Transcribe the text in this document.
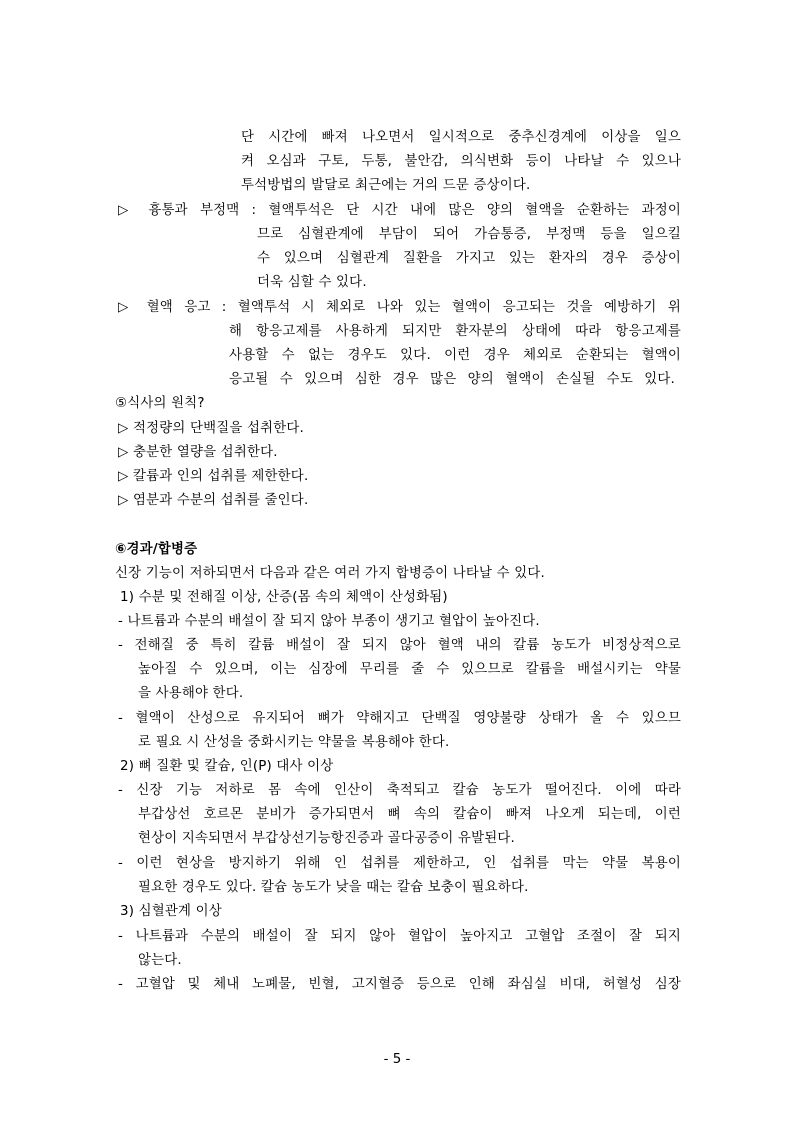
단 시간에 빠져 나오면서 일시적으로 중추신경계에 이상을 일으
켜 오심과 구토, 두통, 불안감, 의식변화 등이 나타날 수 있으나
투석방법의 발달로 최근에는 거의 드문 증상이다.
▷ 흉통과 부정맥 : 혈액투석은 단 시간 내에 많은 양의 혈액을 순환하는 과정이
므로 심혈관계에 부담이 되어 가슴통증, 부정맥 등을 일으킬
수 있으며 심혈관계 질환을 가지고 있는 환자의 경우 증상이
더욱 심할 수 있다.
▷ 혈액 응고 : 혈액투석 시 체외로 나와 있는 혈액이 응고되는 것을 예방하기 위
해 항응고제를 사용하게 되지만 환자분의 상태에 따라 항응고제를
사용할 수 없는 경우도 있다. 이런 경우 체외로 순환되는 혈액이
응고될 수 있으며 심한 경우 많은 양의 혈액이 손실될 수도 있다.
⑤식사의 원칙?
▷ 적정량의 단백질을 섭취한다.
▷ 충분한 열량을 섭취한다.
▷ 칼륨과 인의 섭취를 제한한다.
▷ 염분과 수분의 섭취를 줄인다.
⑥경과/합병증
신장 기능이 저하되면서 다음과 같은 여러 가지 합병증이 나타날 수 있다.
1) 수분 및 전해질 이상, 산증(몸 속의 체액이 산성화됨)
- 나트륨과 수분의 배설이 잘 되지 않아 부종이 생기고 혈압이 높아진다.
- 전해질 중 특히 칼륨 배설이 잘 되지 않아 혈액 내의 칼륨 농도가 비정상적으로
높아질 수 있으며, 이는 심장에 무리를 줄 수 있으므로 칼륨을 배설시키는 약물
을 사용해야 한다.
- 혈액이 산성으로 유지되어 뼈가 약해지고 단백질 영양불량 상태가 올 수 있으므
로 필요 시 산성을 중화시키는 약물을 복용해야 한다.
2) 뼈 질환 및 칼슘, 인(P) 대사 이상
- 신장 기능 저하로 몸 속에 인산이 축적되고 칼슘 농도가 떨어진다. 이에 따라
부갑상선 호르몬 분비가 증가되면서 뼈 속의 칼슘이 빠져 나오게 되는데, 이런
현상이 지속되면서 부갑상선기능항진증과 골다공증이 유발된다.
- 이런 현상을 방지하기 위해 인 섭취를 제한하고, 인 섭취를 막는 약물 복용이
필요한 경우도 있다. 칼슘 농도가 낮을 때는 칼슘 보충이 필요하다.
3) 심혈관계 이상
- 나트륨과 수분의 배설이 잘 되지 않아 혈압이 높아지고 고혈압 조절이 잘 되지
않는다.
- 고혈압 및 체내 노폐물, 빈혈, 고지혈증 등으로 인해 좌심실 비대, 허혈성 심장
- 5 -
